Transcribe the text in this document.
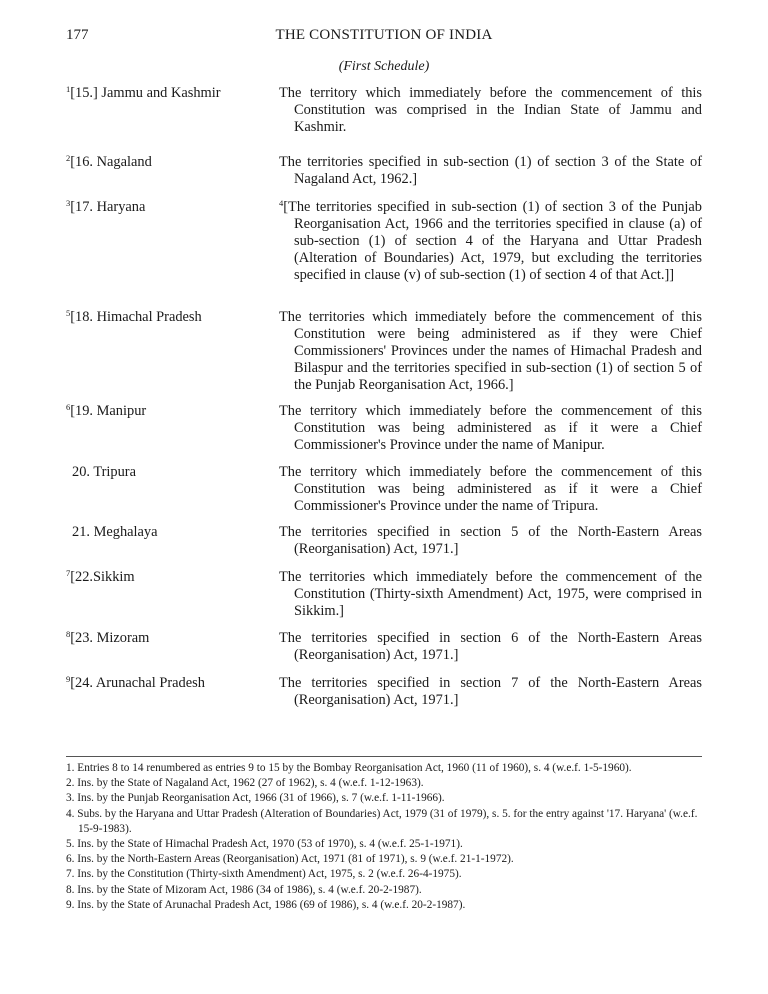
177	THE CONSTITUTION OF INDIA
(First Schedule)
$^1$[15.] Jammu and Kashmir	The territory which immediately before the commencement of this Constitution was comprised in the Indian State of Jammu and Kashmir.
$^2$[16. Nagaland	The territories specified in sub-section (1) of section 3 of the State of Nagaland Act, 1962.]
$^3$[17. Haryana	$^4$[The territories specified in sub-section (1) of section 3 of the Punjab Reorganisation Act, 1966 and the territories specified in clause (a) of sub-section (1) of section 4 of the Haryana and Uttar Pradesh (Alteration of Boundaries) Act, 1979, but excluding the territories specified in clause (v) of sub-section (1) of section 4 of that Act.]]
$^5$[18. Himachal Pradesh	The territories which immediately before the commencement of this Constitution were being administered as if they were Chief Commissioners' Provinces under the names of Himachal Pradesh and Bilaspur and the territories specified in sub-section (1) of section 5 of the Punjab Reorganisation Act, 1966.]
$^6$[19. Manipur	The territory which immediately before the commencement of this Constitution was being administered as if it were a Chief Commissioner's Province under the name of Manipur.
20. Tripura	The territory which immediately before the commencement of this Constitution was being administered as if it were a Chief Commissioner's Province under the name of Tripura.
21. Meghalaya	The territories specified in section 5 of the North-Eastern Areas (Reorganisation) Act, 1971.]
$^7$[22.Sikkim	The territories which immediately before the commencement of the Constitution (Thirty-sixth Amendment) Act, 1975, were comprised in Sikkim.]
$^8$[23. Mizoram	The territories specified in section 6 of the North-Eastern Areas (Reorganisation) Act, 1971.]
$^9$[24. Arunachal Pradesh	The territories specified in section 7 of the North-Eastern Areas (Reorganisation) Act, 1971.]
1. Entries 8 to 14 renumbered as entries 9 to 15 by the Bombay Reorganisation Act, 1960 (11 of 1960), s. 4 (w.e.f. 1-5-1960).
2. Ins. by the State of Nagaland Act, 1962 (27 of 1962), s. 4 (w.e.f. 1-12-1963).
3. Ins. by the Punjab Reorganisation Act, 1966 (31 of 1966), s. 7 (w.e.f. 1-11-1966).
4. Subs. by the Haryana and Uttar Pradesh (Alteration of Boundaries) Act, 1979 (31 of 1979), s. 5. for the entry against '17. Haryana' (w.e.f. 15-9-1983).
5. Ins. by the State of Himachal Pradesh Act, 1970 (53 of 1970), s. 4 (w.e.f. 25-1-1971).
6. Ins. by the North-Eastern Areas (Reorganisation) Act, 1971 (81 of 1971), s. 9 (w.e.f. 21-1-1972).
7. Ins. by the Constitution (Thirty-sixth Amendment) Act, 1975, s. 2 (w.e.f. 26-4-1975).
8. Ins. by the State of Mizoram Act, 1986 (34 of 1986), s. 4 (w.e.f. 20-2-1987).
9. Ins. by the State of Arunachal Pradesh Act, 1986 (69 of 1986), s. 4 (w.e.f. 20-2-1987).
